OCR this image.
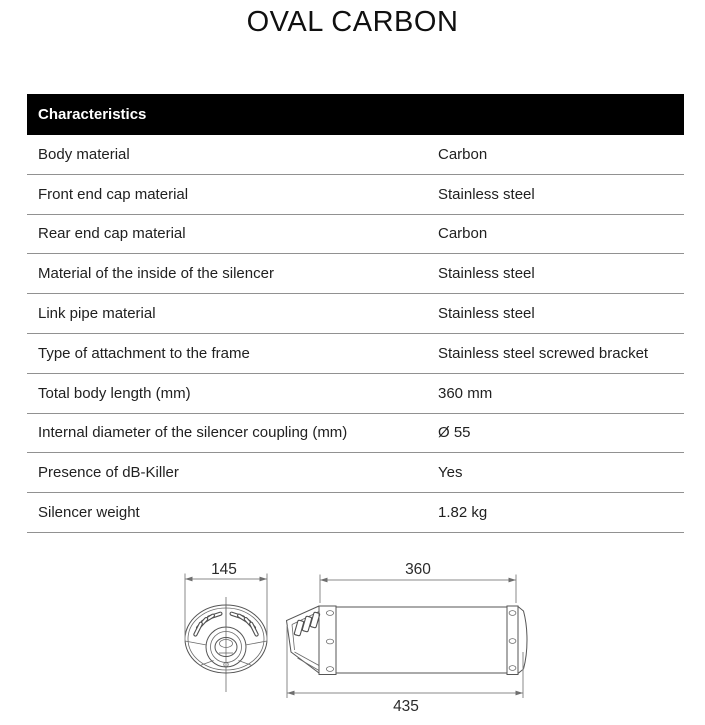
OVAL CARBON
Characteristics
Body material	Carbon
Front end cap material	Stainless steel
Rear end cap material	Carbon
Material of the inside of the silencer	Stainless steel
Link pipe material	Stainless steel
Type of attachment to the frame	Stainless steel screwed bracket
Total body length (mm)	360 mm
Internal diameter of the silencer coupling (mm)	Ø 55
Presence of dB-Killer	Yes
Silencer weight	1.82 kg
145	360
435
